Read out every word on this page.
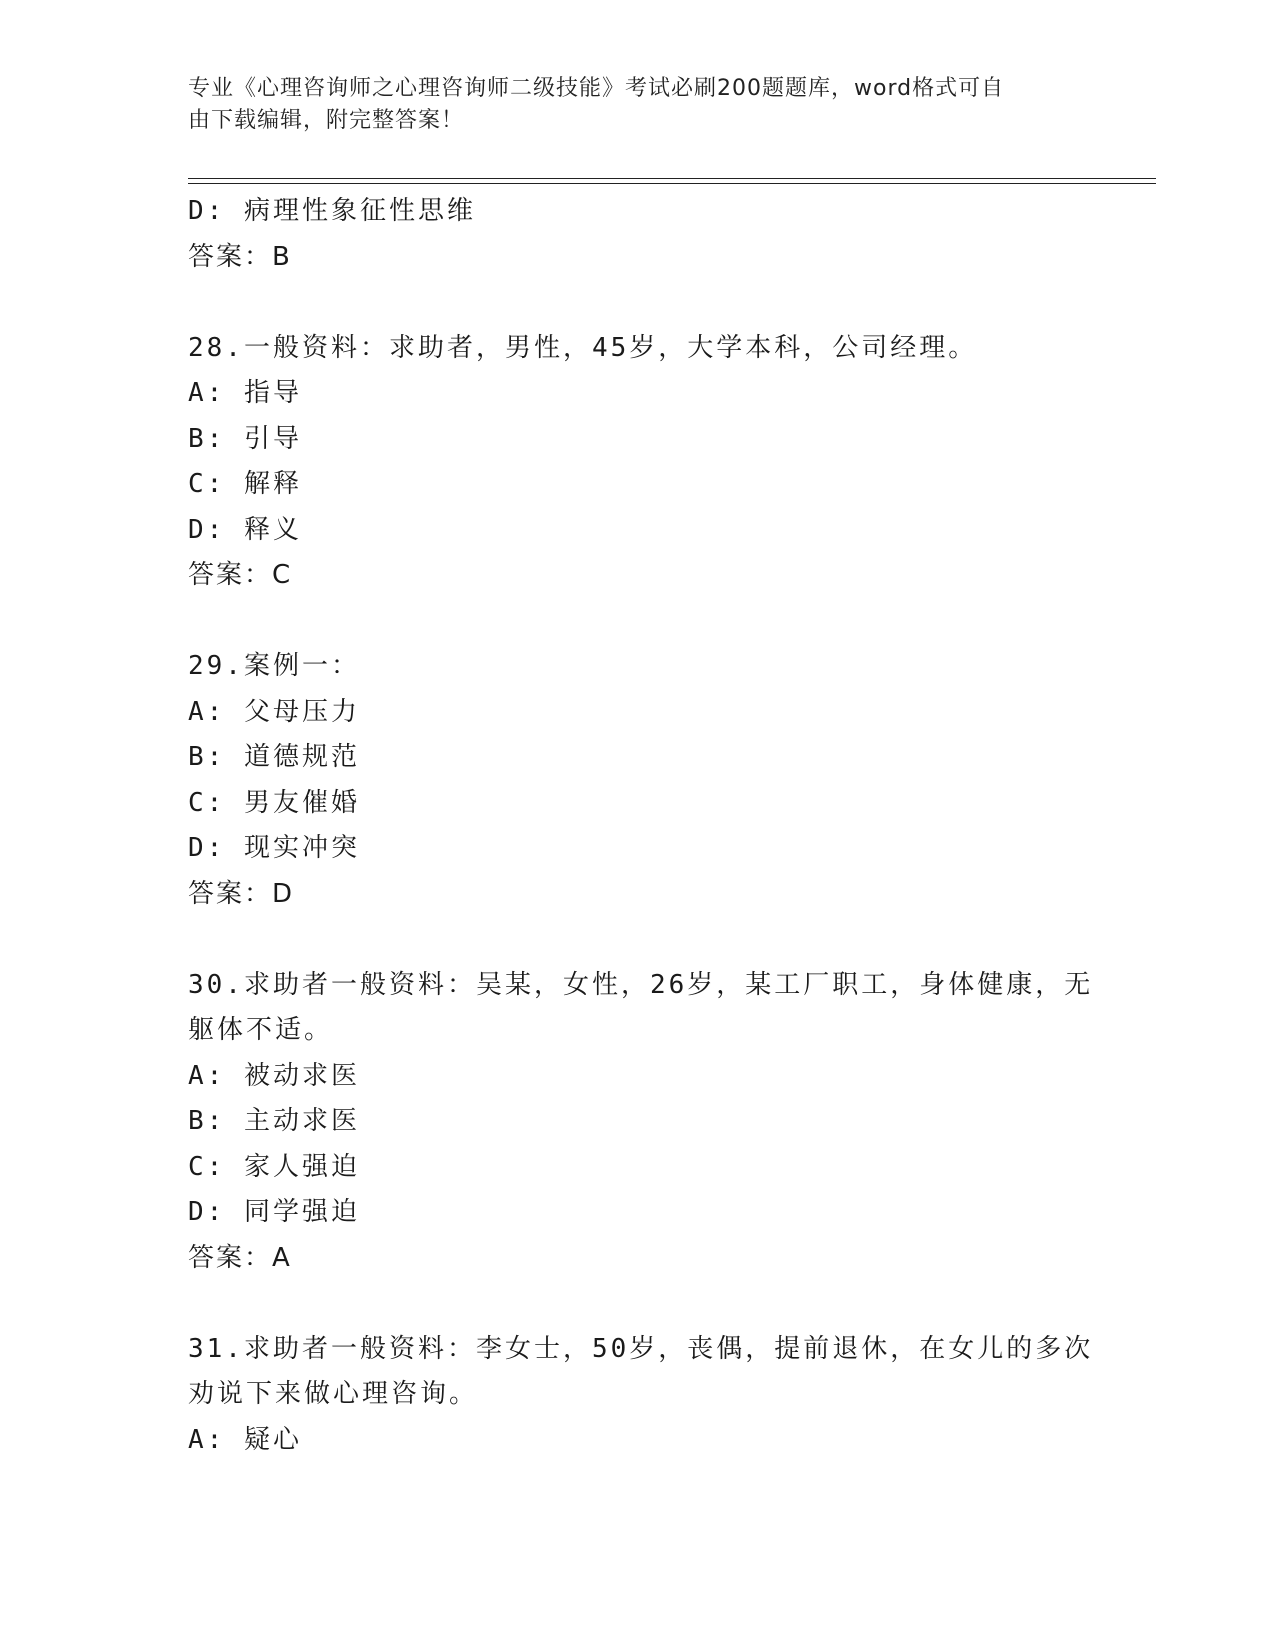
专业《心理咨询师之心理咨询师二级技能》考试必刷200题题库，word格式可自
由下载编辑，附完整答案！
D: 病理性象征性思维
答案：B
28.一般资料：求助者，男性，45岁，大学本科，公司经理。
A: 指导
B: 引导
C: 解释
D: 释义
答案：C
29.案例一：
A: 父母压力
B: 道德规范
C: 男友催婚
D: 现实冲突
答案：D
30.求助者一般资料：吴某，女性，26岁，某工厂职工，身体健康，无
躯体不适。
A: 被动求医
B: 主动求医
C: 家人强迫
D: 同学强迫
答案：A
31.求助者一般资料：李女士，50岁，丧偶，提前退休，在女儿的多次
劝说下来做心理咨询。
A: 疑心
